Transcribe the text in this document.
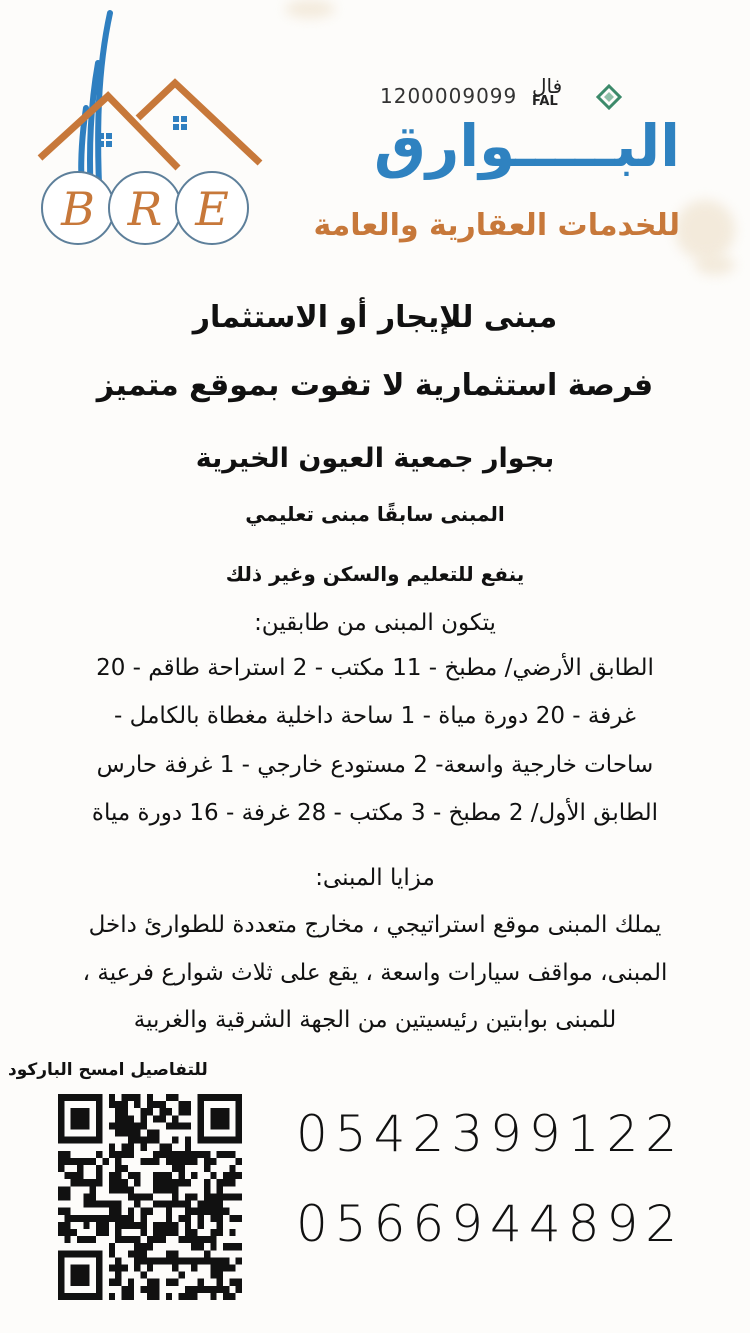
B R E
1200009099 فال
FAL
البـــــوارق
للخدمات العقارية والعامة
مبنى للإيجار أو الاستثمار
فرصة استثمارية لا تفوت بموقع متميز
بجوار جمعية العيون الخيرية
المبنى سابقًا مبنى تعليمي
ينفع للتعليم والسكن وغير ذلك
يتكون المبنى من طابقين:
الطابق الأرضي/ مطبخ - 11 مكتب - 2 استراحة طاقم - 20
غرفة - 20 دورة مياة - 1 ساحة داخلية مغطاة بالكامل -
ساحات خارجية واسعة- 2 مستودع خارجي - 1 غرفة حارس
الطابق الأول/ 2 مطبخ - 3 مكتب - 28 غرفة - 16 دورة مياة
مزايا المبنى:
يملك المبنى موقع استراتيجي ، مخارج متعددة للطوارئ داخل
المبنى، مواقف سيارات واسعة ، يقع على ثلاث شوارع فرعية ،
للمبنى بوابتين رئيسيتين من الجهة الشرقية والغربية
للتفاصيل امسح الباركود
0542399122
0566944892
